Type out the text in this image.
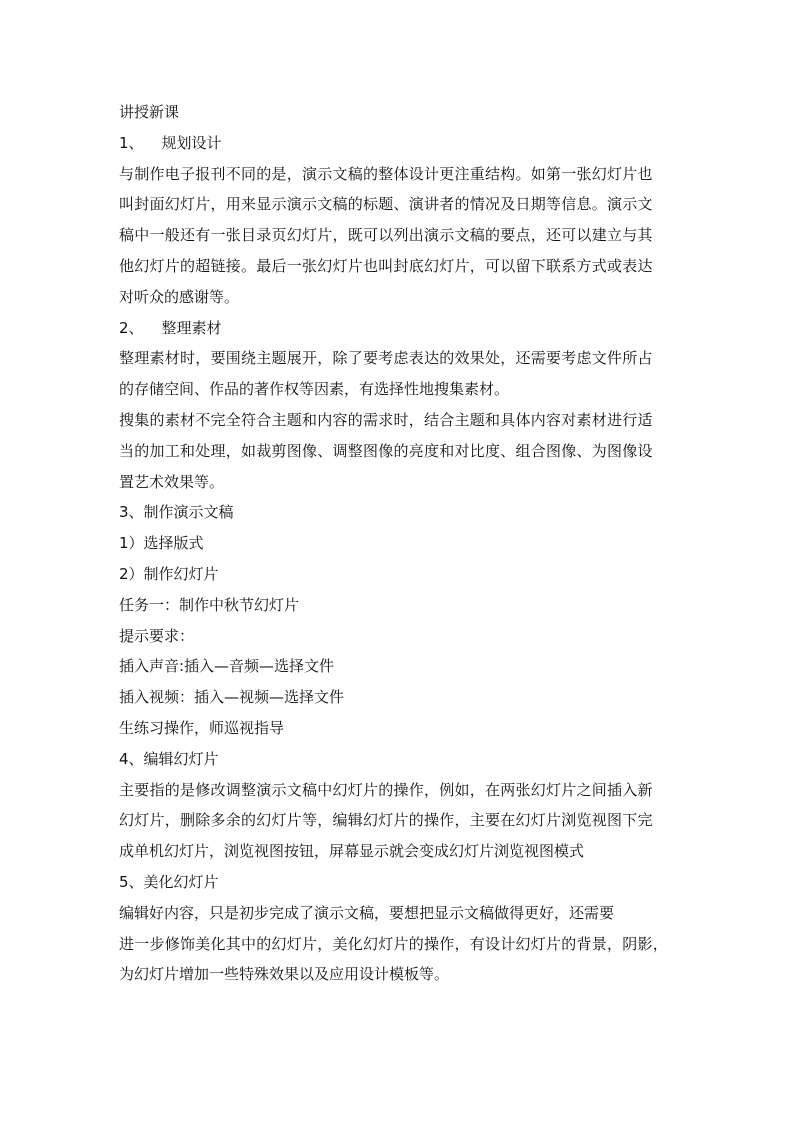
讲授新课

1、 规划设计

与制作电子报刊不同的是，演示文稿的整体设计更注重结构。如第一张幻灯片也

叫封面幻灯片，用来显示演示文稿的标题、演讲者的情况及日期等信息。演示文

稿中一般还有一张目录页幻灯片，既可以列出演示文稿的要点，还可以建立与其

他幻灯片的超链接。最后一张幻灯片也叫封底幻灯片，可以留下联系方式或表达

对听众的感谢等。

2、 整理素材

整理素材时，要围绕主题展开，除了要考虑表达的效果处，还需要考虑文件所占

的存储空间、作品的著作权等因素，有选择性地搜集素材。

搜集的素材不完全符合主题和内容的需求时，结合主题和具体内容对素材进行适

当的加工和处理，如裁剪图像、调整图像的亮度和对比度、组合图像、为图像设

置艺术效果等。

3、制作演示文稿

1）选择版式

2）制作幻灯片

任务一：制作中秋节幻灯片

提示要求：

插入声音:插入—音频—选择文件

插入视频：插入—视频—选择文件

生练习操作，师巡视指导

4、编辑幻灯片

主要指的是修改调整演示文稿中幻灯片的操作，例如，在两张幻灯片之间插入新

幻灯片，删除多余的幻灯片等，编辑幻灯片的操作，主要在幻灯片浏览视图下完

成单机幻灯片，浏览视图按钮，屏幕显示就会变成幻灯片浏览视图模式

5、美化幻灯片

编辑好内容，只是初步完成了演示文稿，要想把显示文稿做得更好，还需要

进一步修饰美化其中的幻灯片，美化幻灯片的操作，有设计幻灯片的背景，阴影，

为幻灯片增加一些特殊效果以及应用设计模板等。
